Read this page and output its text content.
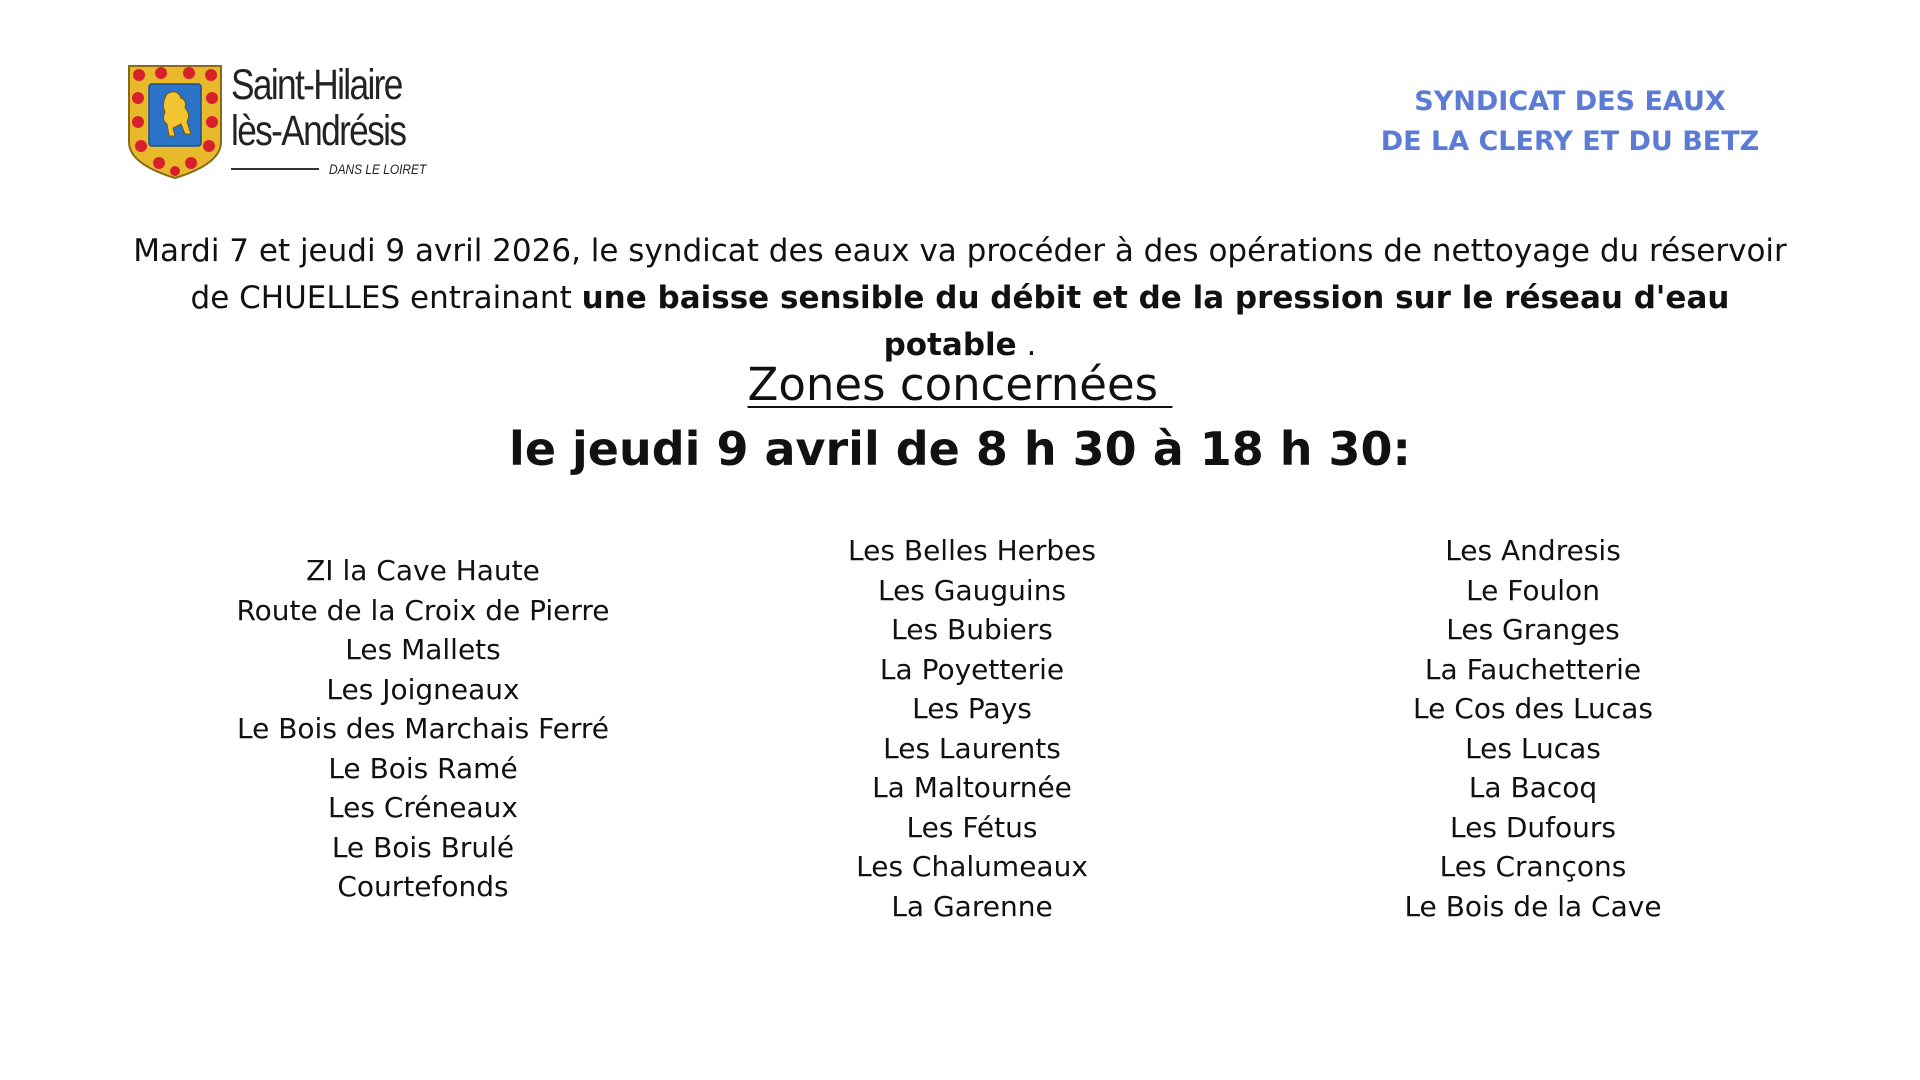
Saint-Hilaire
lès-Andrésis
DANS LE LOIRET
SYNDICAT DES EAUX
DE LA CLERY ET DU BETZ
Mardi 7 et jeudi 9 avril 2026, le syndicat des eaux va procéder à des opérations de nettoyage du réservoir
de CHUELLES entrainant une baisse sensible du débit et de la pression sur le réseau d'eau potable .
Zones concernées
le jeudi 9 avril de 8 h 30 à 18 h 30:
ZI la Cave Haute
Route de la Croix de Pierre
Les Mallets
Les Joigneaux
Le Bois des Marchais Ferré
Le Bois Ramé
Les Créneaux
Le Bois Brulé
Courtefonds
Les Belles Herbes
Les Gauguins
Les Bubiers
La Poyetterie
Les Pays
Les Laurents
La Maltournée
Les Fétus
Les Chalumeaux
La Garenne
Les Andresis
Le Foulon
Les Granges
La Fauchetterie
Le Cos des Lucas
Les Lucas
La Bacoq
Les Dufours
Les Crançons
Le Bois de la Cave
